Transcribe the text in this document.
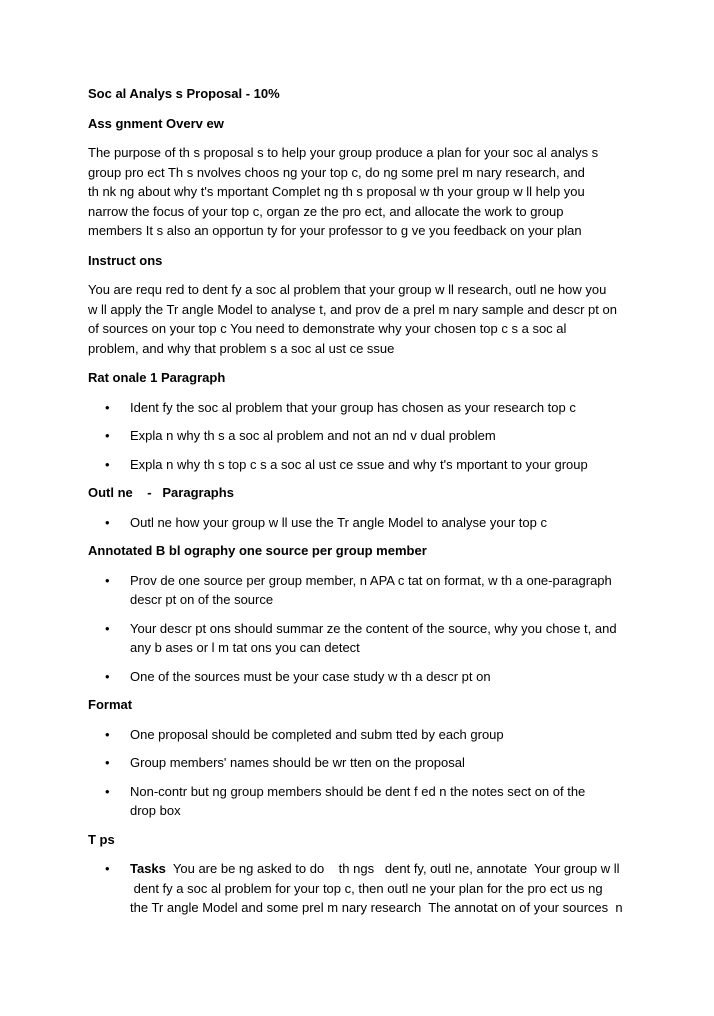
Soc al Analys s Proposal - 10%

Ass gnment Overv ew

The purpose of th s proposal s to help your group produce a plan for your soc al analys s
group pro ect Th s nvolves choos ng your top c, do ng some prel m nary research, and
th nk ng about why t's mportant Complet ng th s proposal w th your group w ll help you
narrow the focus of your top c, organ ze the pro ect, and allocate the work to group
members It s also an opportun ty for your professor to g ve you feedback on your plan

Instruct ons

You are requ red to dent fy a soc al problem that your group w ll research, outl ne how you
w ll apply the Tr angle Model to analyse t, and prov de a prel m nary sample and descr pt on
of sources on your top c You need to demonstrate why your chosen top c s a soc al
problem, and why that problem s a soc al ust ce ssue

Rat onale 1 Paragraph

• Ident fy the soc al problem that your group has chosen as your research top c
• Expla n why th s a soc al problem and not an nd v dual problem
• Expla n why th s top c s a soc al ust ce ssue and why t's mportant to your group

Outl ne    -   Paragraphs

• Outl ne how your group w ll use the Tr angle Model to analyse your top c

Annotated B bl ography one source per group member

• Prov de one source per group member, n APA c tat on format, w th a one-paragraph
descr pt on of the source
• Your descr pt ons should summar ze the content of the source, why you chose t, and
any b ases or l m tat ons you can detect
• One of the sources must be your case study w th a descr pt on

Format

• One proposal should be completed and subm tted by each group
• Group members' names should be wr tten on the proposal
• Non-contr but ng group members should be dent f ed n the notes sect on of the
drop box

T ps

• Tasks  You are be ng asked to do    th ngs   dent fy, outl ne, annotate  Your group w ll
dent fy a soc al problem for your top c, then outl ne your plan for the pro ect us ng
the Tr angle Model and some prel m nary research  The annotat on of your sources  n
